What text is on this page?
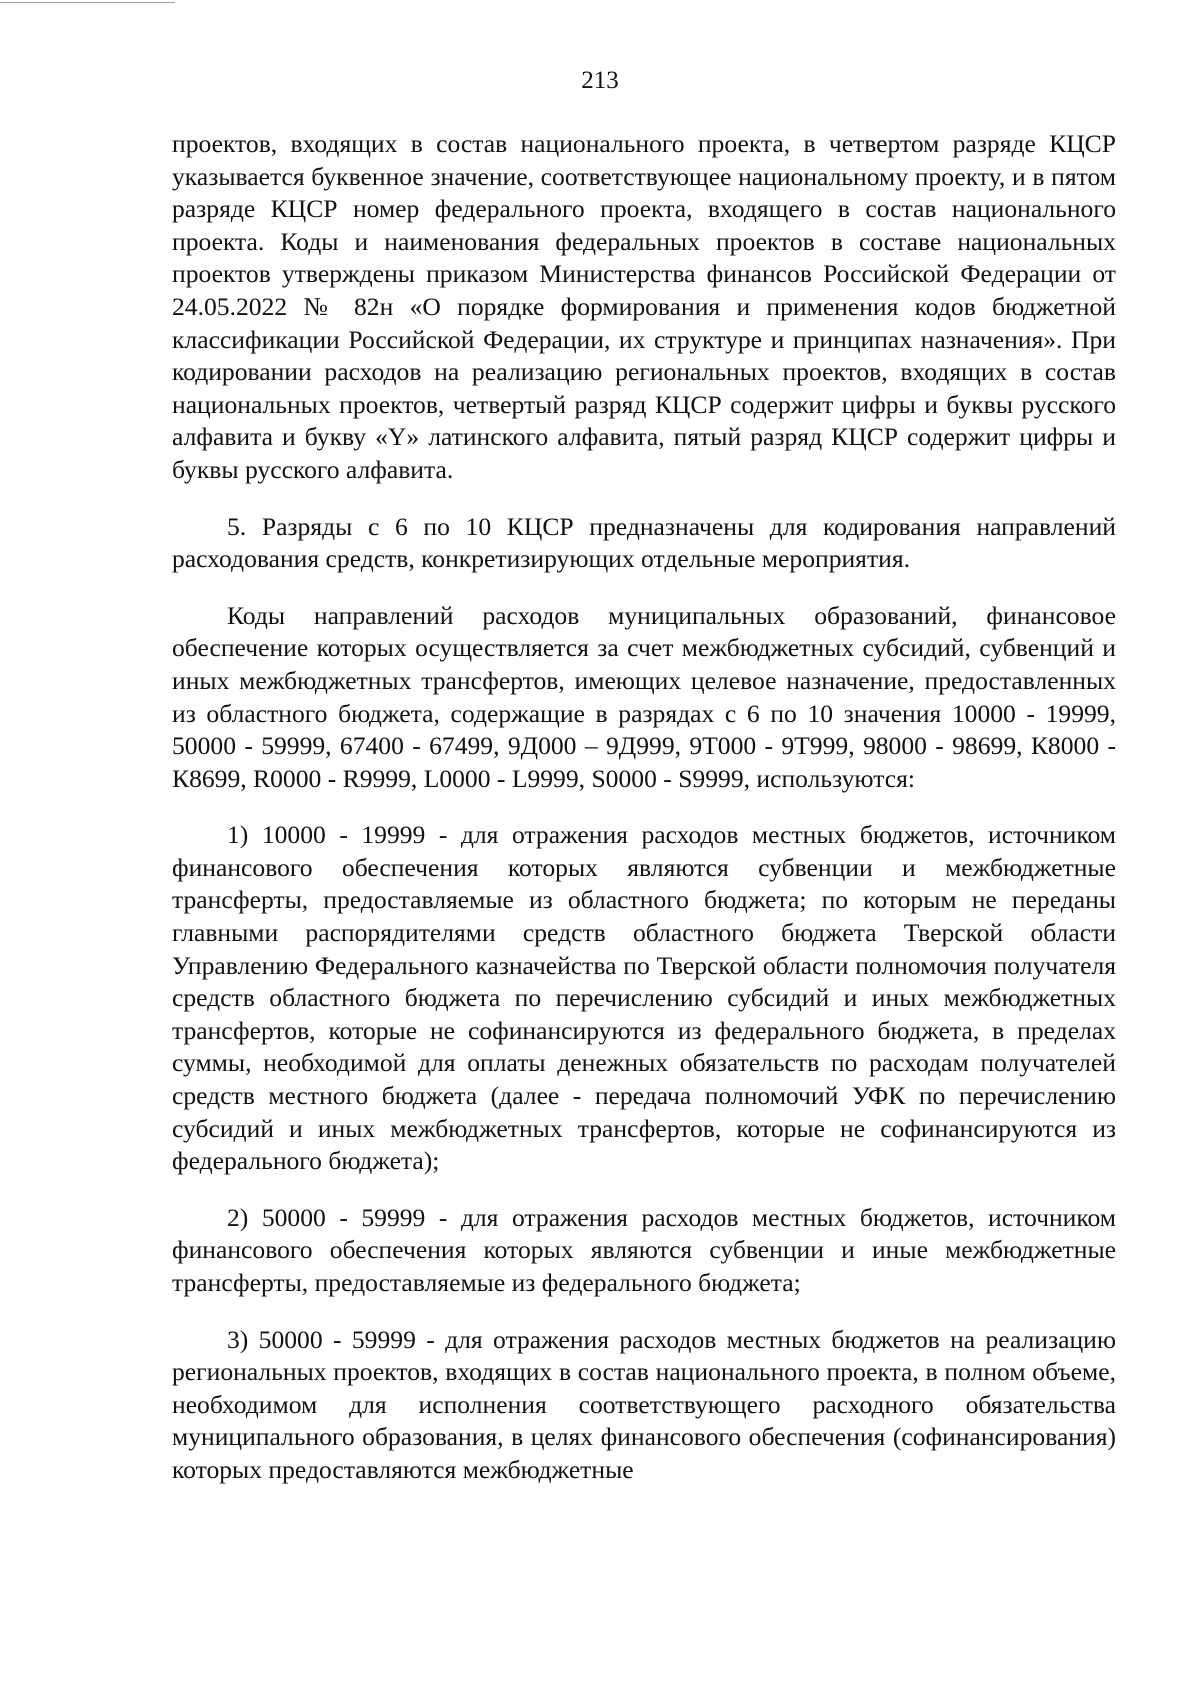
213

проектов, входящих в состав национального проекта, в четвертом разряде КЦСР указывается буквенное значение, соответствующее национальному проекту, и в пятом разряде КЦСР номер федерального проекта, входящего в состав национального проекта. Коды и наименования федеральных проектов в составе национальных проектов утверждены приказом Министерства финансов Российской Федерации от 24.05.2022 № 82н «О порядке формирования и применения кодов бюджетной классификации Российской Федерации, их структуре и принципах назначения». При кодировании расходов на реализацию региональных проектов, входящих в состав национальных проектов, четвертый разряд КЦСР содержит цифры и буквы русского алфавита и букву «Y» латинского алфавита, пятый разряд КЦСР содержит цифры и буквы русского алфавита.

5. Разряды с 6 по 10 КЦСР предназначены для кодирования направлений расходования средств, конкретизирующих отдельные мероприятия.

Коды направлений расходов муниципальных образований, финансовое обеспечение которых осуществляется за счет межбюджетных субсидий, субвенций и иных межбюджетных трансфертов, имеющих целевое назначение, предоставленных из областного бюджета, содержащие в разрядах с 6 по 10 значения 10000 - 19999, 50000 - 59999, 67400 - 67499, 9Д000 – 9Д999, 9Т000 - 9Т999, 98000 - 98699, К8000 - К8699, R0000 - R9999, L0000 - L9999, S0000 - S9999, используются:

1) 10000 - 19999 - для отражения расходов местных бюджетов, источником финансового обеспечения которых являются субвенции и межбюджетные трансферты, предоставляемые из областного бюджета; по которым не переданы главными распорядителями средств областного бюджета Тверской области Управлению Федерального казначейства по Тверской области полномочия получателя средств областного бюджета по перечислению субсидий и иных межбюджетных трансфертов, которые не софинансируются из федерального бюджета, в пределах суммы, необходимой для оплаты денежных обязательств по расходам получателей средств местного бюджета (далее - передача полномочий УФК по перечислению субсидий и иных межбюджетных трансфертов, которые не софинансируются из федерального бюджета);

2) 50000 - 59999 - для отражения расходов местных бюджетов, источником финансового обеспечения которых являются субвенции и иные межбюджетные трансферты, предоставляемые из федерального бюджета;

3) 50000 - 59999 - для отражения расходов местных бюджетов на реализацию региональных проектов, входящих в состав национального проекта, в полном объеме, необходимом для исполнения соответствующего расходного обязательства муниципального образования, в целях финансового обеспечения (софинансирования) которых предоставляются межбюджетные
